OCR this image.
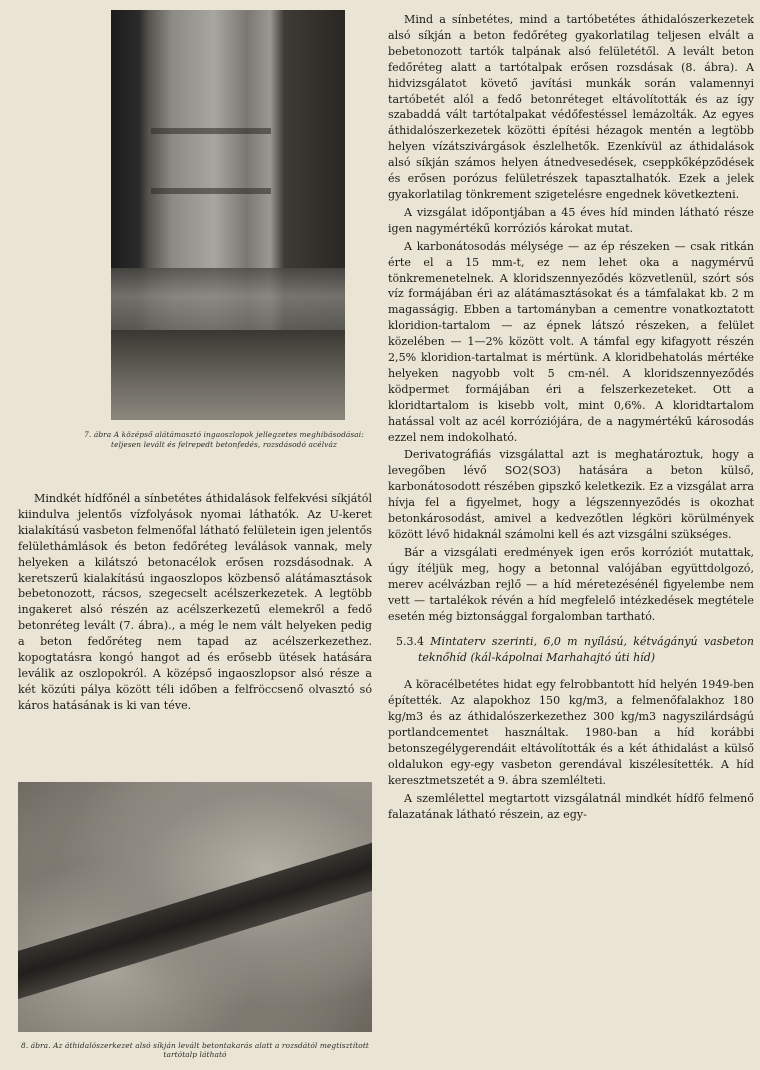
7. ábra A középső alátámasztó ingaoszlopok jellegzetes meghibásodásai: teljesen levált és felrepedt betonfedés, rozsdásodó acélváz

Mindkét hídfőnél a sínbetétes áthidalások felfekvési síkjától kiindulva jelentős vízfolyások nyomai láthatók. Az U-keret kialakítású vasbeton felmenőfal látható felületein igen jelentős felülethámlások és beton fedőréteg leválások vannak, mely helyeken a kilátszó betonacélok erősen rozsdásodnak. A keretszerű kialakítású ingaoszlopos közbenső alátámasztások bebetonozott, rácsos, szegecselt acélszerkezetek. A legtöbb ingakeret alsó részén az acélszerkezetű elemekről a fedő betonréteg levált (7. ábra)., a még le nem vált helyeken pedig a beton fedőréteg nem tapad az acélszerkezethez. kopogtatásra kongó hangot ad és erősebb ütések hatására leválik az oszlopokról. A középső ingaoszlopsor alsó része a két közúti pálya között téli időben a felfröccsenő olvasztó só káros hatásának is ki van téve.

8. ábra. Az áthidalószerkezet alsó síkján levált betontakarás alatt a rozsdától megtisztított tartótalp látható

Mind a sínbetétes, mind a tartóbetétes áthidalószerkezetek alsó síkján a beton fedőréteg gyakorlatilag teljesen elvált a bebetonozott tartók talpának alsó felületétől. A levált beton fedőréteg alatt a tartótalpak erősen rozsdásak (8. ábra). A hidvizsgálatot követő javítási munkák során valamennyi tartóbetét alól a fedő betonréteget eltávolították és az így szabaddá vált tartótalpakat védőfestéssel lemázolták. Az egyes áthidalószerkezetek közötti építési hézagok mentén a legtöbb helyen vízátszivárgások észlelhetők. Ezenkívül az áthidalások alsó síkján számos helyen átnedvesedések, cseppkőképződések és erősen porózus felületrészek tapasztalhatók. Ezek a jelek gyakorlatilag tönkrement szigetelésre engednek következteni.

A vizsgálat időpontjában a 45 éves híd minden látható része igen nagymértékű korróziós károkat mutat.

A karbonátosodás mélysége — az ép részeken — csak ritkán érte el a 15 mm-t, ez nem lehet oka a nagymérvű tönkremenetelnek. A kloridszennyeződés közvetlenül, szórt sós víz formájában éri az alátámasztásokat és a támfalakat kb. 2 m magasságig. Ebben a tartományban a cementre vonatkoztatott kloridion-tartalom — az épnek látszó részeken, a felület közelében — 1—2% között volt. A támfal egy kifagyott részén 2,5% kloridion-tartalmat is mértünk. A kloridbehatolás mértéke helyeken nagyobb volt 5 cm-nél. A kloridszennyeződés ködpermet formájában éri a felszerkezeteket. Ott a kloridtartalom is kisebb volt, mint 0,6%. A kloridtartalom hatással volt az acél korróziójára, de a nagymértékű károsodás ezzel nem indokolható.

Derivatográfiás vizsgálattal azt is meghatároztuk, hogy a levegőben lévő SO2(SO3) hatására a beton külső, karbonátosodott részében gipszkő keletkezik. Ez a vizsgálat arra hívja fel a figyelmet, hogy a légszennyeződés is okozhat betonkárosodást, amivel a kedvezőtlen légköri körülmények között lévő hidaknál számolni kell és azt vizsgálni szükséges.

Bár a vizsgálati eredmények igen erős korróziót mutattak, úgy ítéljük meg, hogy a betonnal valójában együttdolgozó, merev acélvázban rejlő — a híd méretezésénél figyelembe nem vett — tartalékok révén a híd megfelelő intézkedések megtétele esetén még biztonsággal forgalomban tartható.

5.3.4 Mintaterv szerinti, 6,0 m nyílású, kétvágányú vasbeton teknőhíd (kál-kápolnai Marhahajtó úti híd)

A köracélbetétes hidat egy felrobbantott híd helyén 1949-ben építették. Az alapokhoz 150 kg/m3, a felmenőfalakhoz 180 kg/m3 és az áthidalószerkezethez 300 kg/m3 nagyszilárdságú portlandcementet használtak. 1980-ban a híd korábbi betonszegélygerendáit eltávolították és a két áthidalást a külső oldalukon egy-egy vasbeton gerendával kiszélesítették. A híd keresztmetszetét a 9. ábra szemlélteti.

A szemlélettel megtartott vizsgálatnál mindkét hídfő felmenő falazatának látható részein, az egy-
